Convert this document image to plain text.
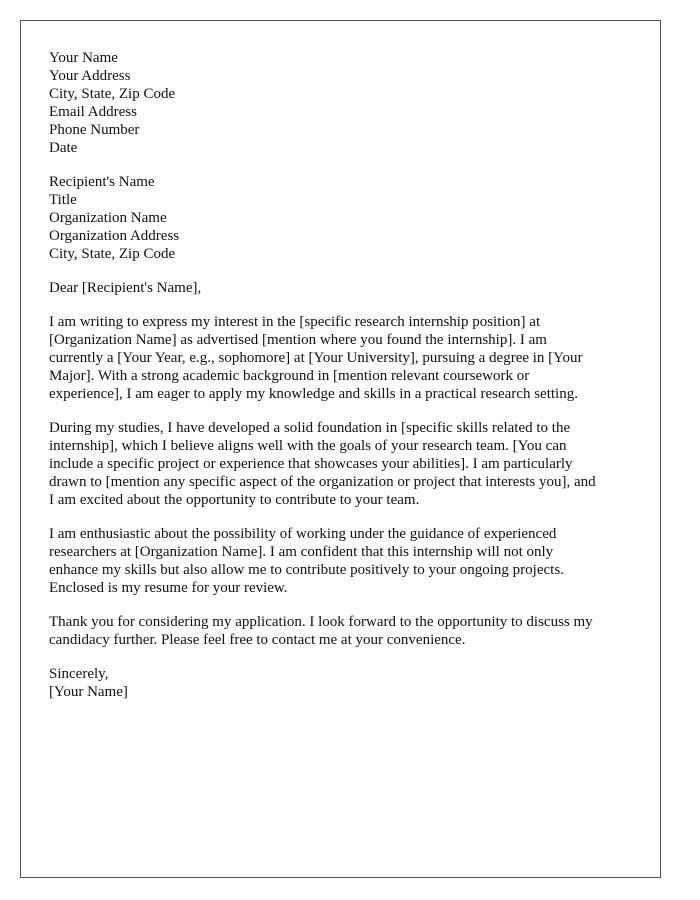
Your Name
Your Address
City, State, Zip Code
Email Address
Phone Number
Date
Recipient's Name
Title
Organization Name
Organization Address
City, State, Zip Code
Dear [Recipient's Name],
I am writing to express my interest in the [specific research internship position] at
[Organization Name] as advertised [mention where you found the internship]. I am
currently a [Your Year, e.g., sophomore] at [Your University], pursuing a degree in [Your
Major]. With a strong academic background in [mention relevant coursework or
experience], I am eager to apply my knowledge and skills in a practical research setting.
During my studies, I have developed a solid foundation in [specific skills related to the
internship], which I believe aligns well with the goals of your research team. [You can
include a specific project or experience that showcases your abilities]. I am particularly
drawn to [mention any specific aspect of the organization or project that interests you], and
I am excited about the opportunity to contribute to your team.
I am enthusiastic about the possibility of working under the guidance of experienced
researchers at [Organization Name]. I am confident that this internship will not only
enhance my skills but also allow me to contribute positively to your ongoing projects.
Enclosed is my resume for your review.
Thank you for considering my application. I look forward to the opportunity to discuss my
candidacy further. Please feel free to contact me at your convenience.
Sincerely,
[Your Name]
